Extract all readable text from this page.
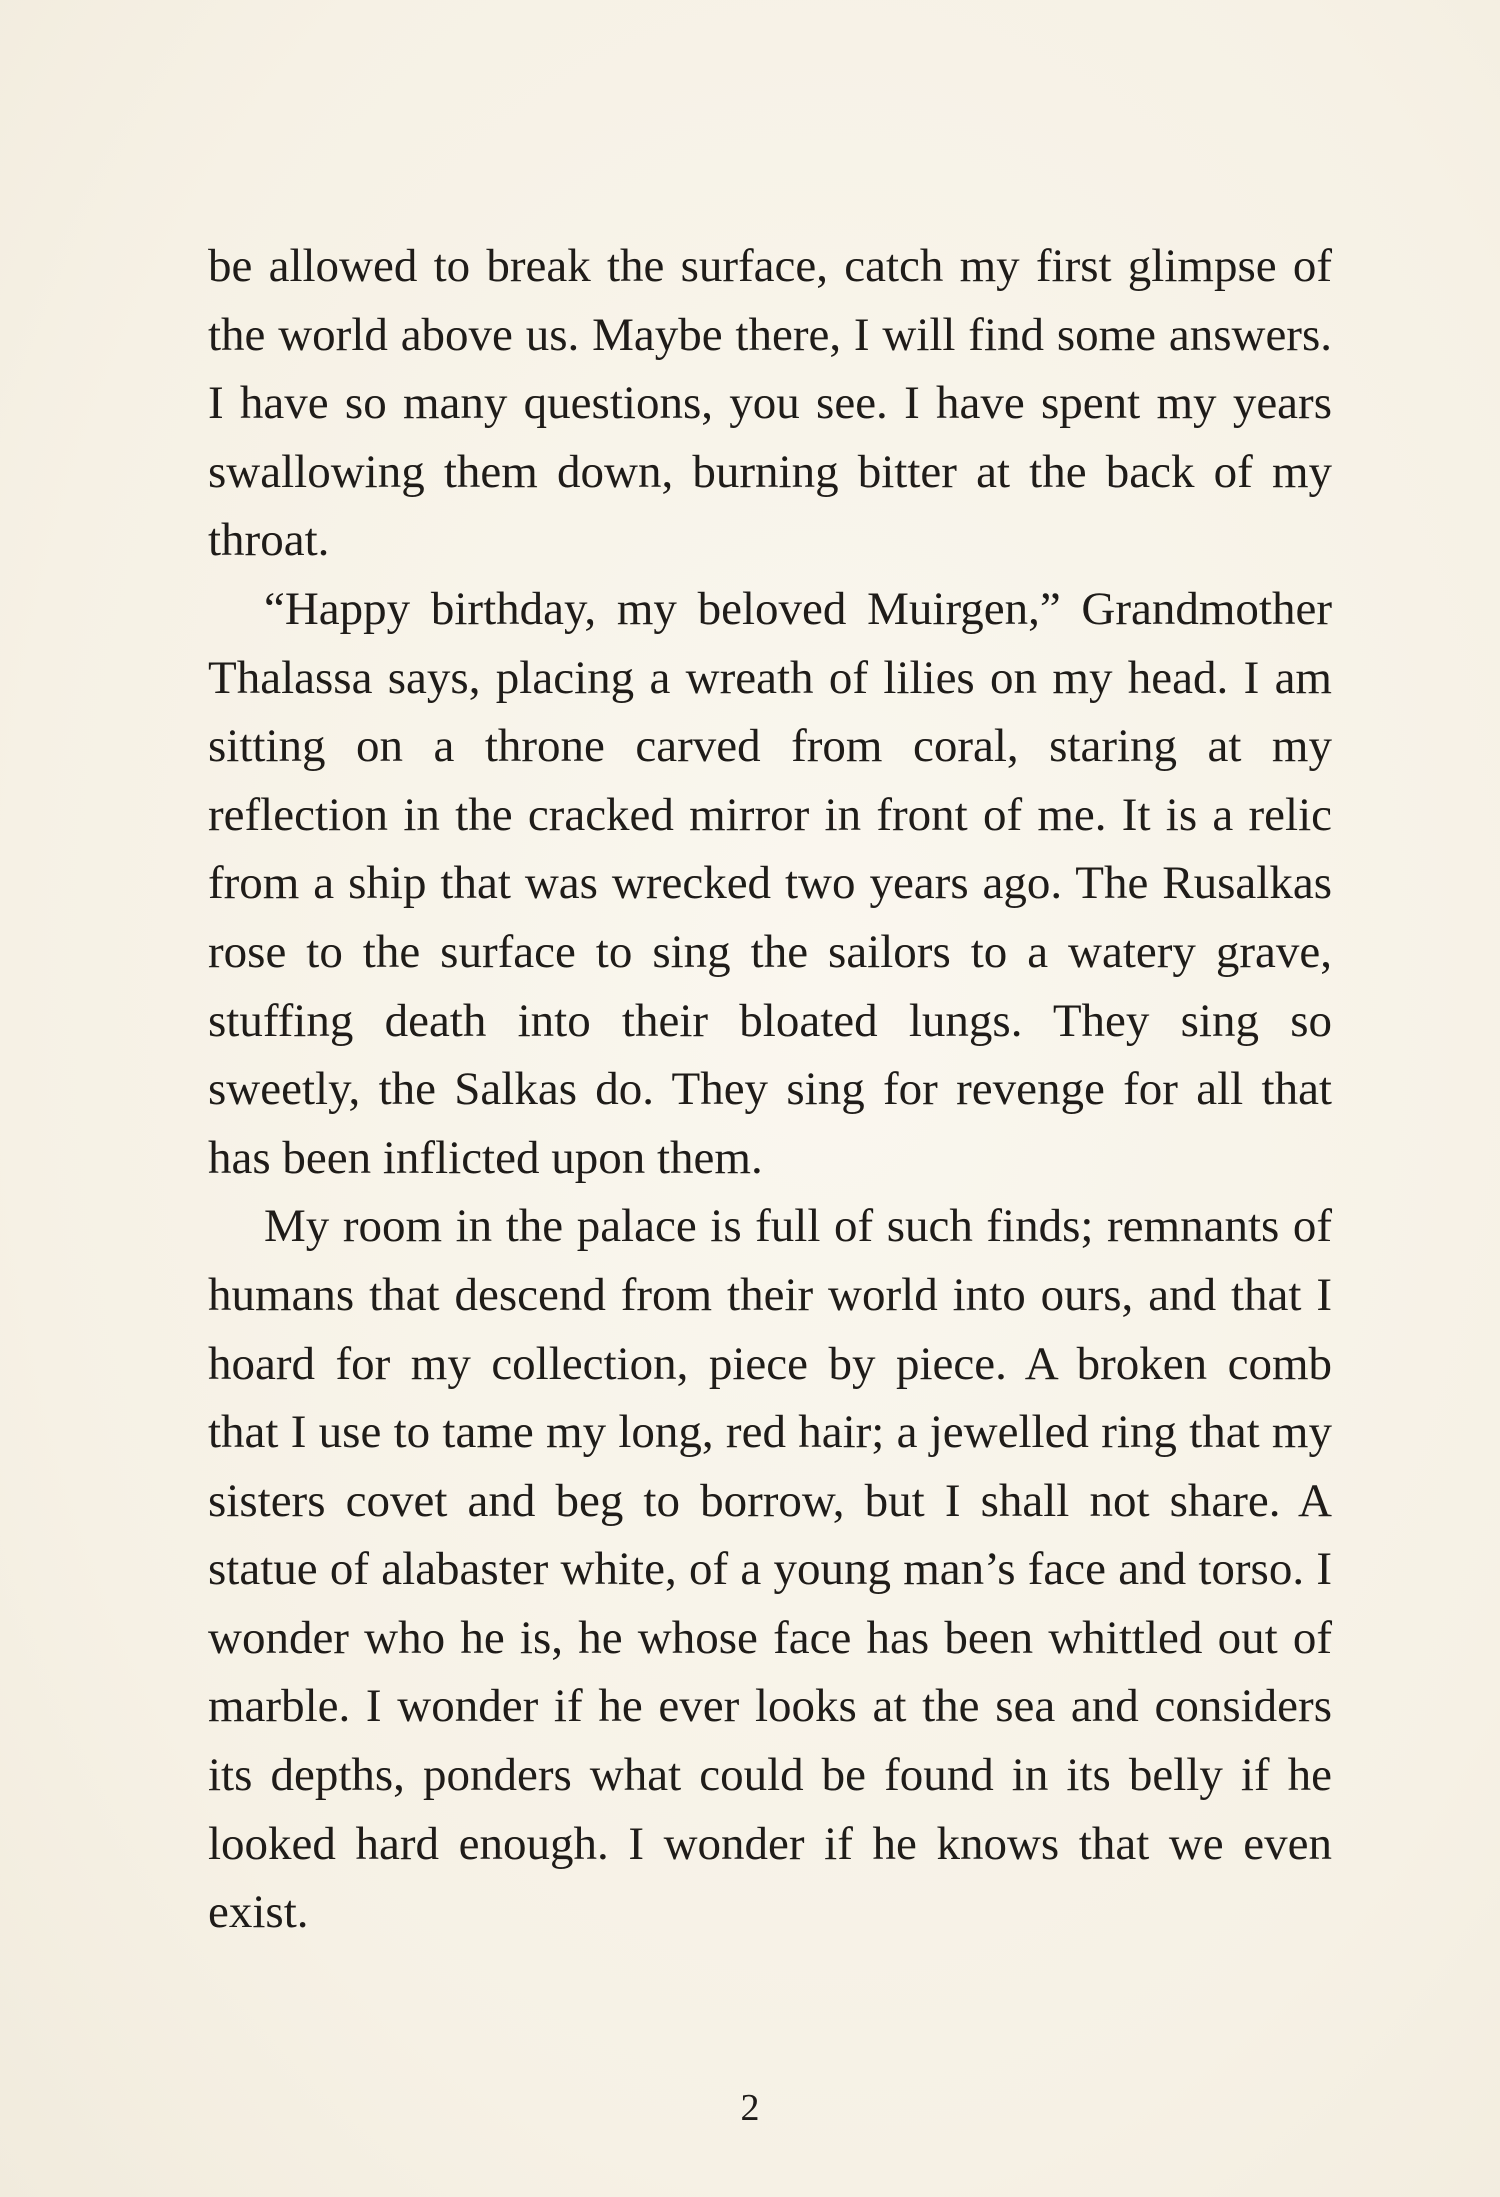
be allowed to break the surface, catch my first glimpse of the world above us. Maybe there, I will find some answers. I have so many questions, you see. I have spent my years swallowing them down, burning bitter at the back of my throat.

“Happy birthday, my beloved Muirgen,” Grandmother Thalassa says, placing a wreath of lilies on my head. I am sitting on a throne carved from coral, staring at my reflection in the cracked mirror in front of me. It is a relic from a ship that was wrecked two years ago. The Rusalkas rose to the surface to sing the sailors to a watery grave, stuffing death into their bloated lungs. They sing so sweetly, the Salkas do. They sing for revenge for all that has been inflicted upon them.

My room in the palace is full of such finds; remnants of humans that descend from their world into ours, and that I hoard for my collection, piece by piece. A broken comb that I use to tame my long, red hair; a jewelled ring that my sisters covet and beg to borrow, but I shall not share. A statue of alabaster white, of a young man’s face and torso. I wonder who he is, he whose face has been whittled out of marble. I wonder if he ever looks at the sea and considers its depths, ponders what could be found in its belly if he looked hard enough. I wonder if he knows that we even exist.

2
